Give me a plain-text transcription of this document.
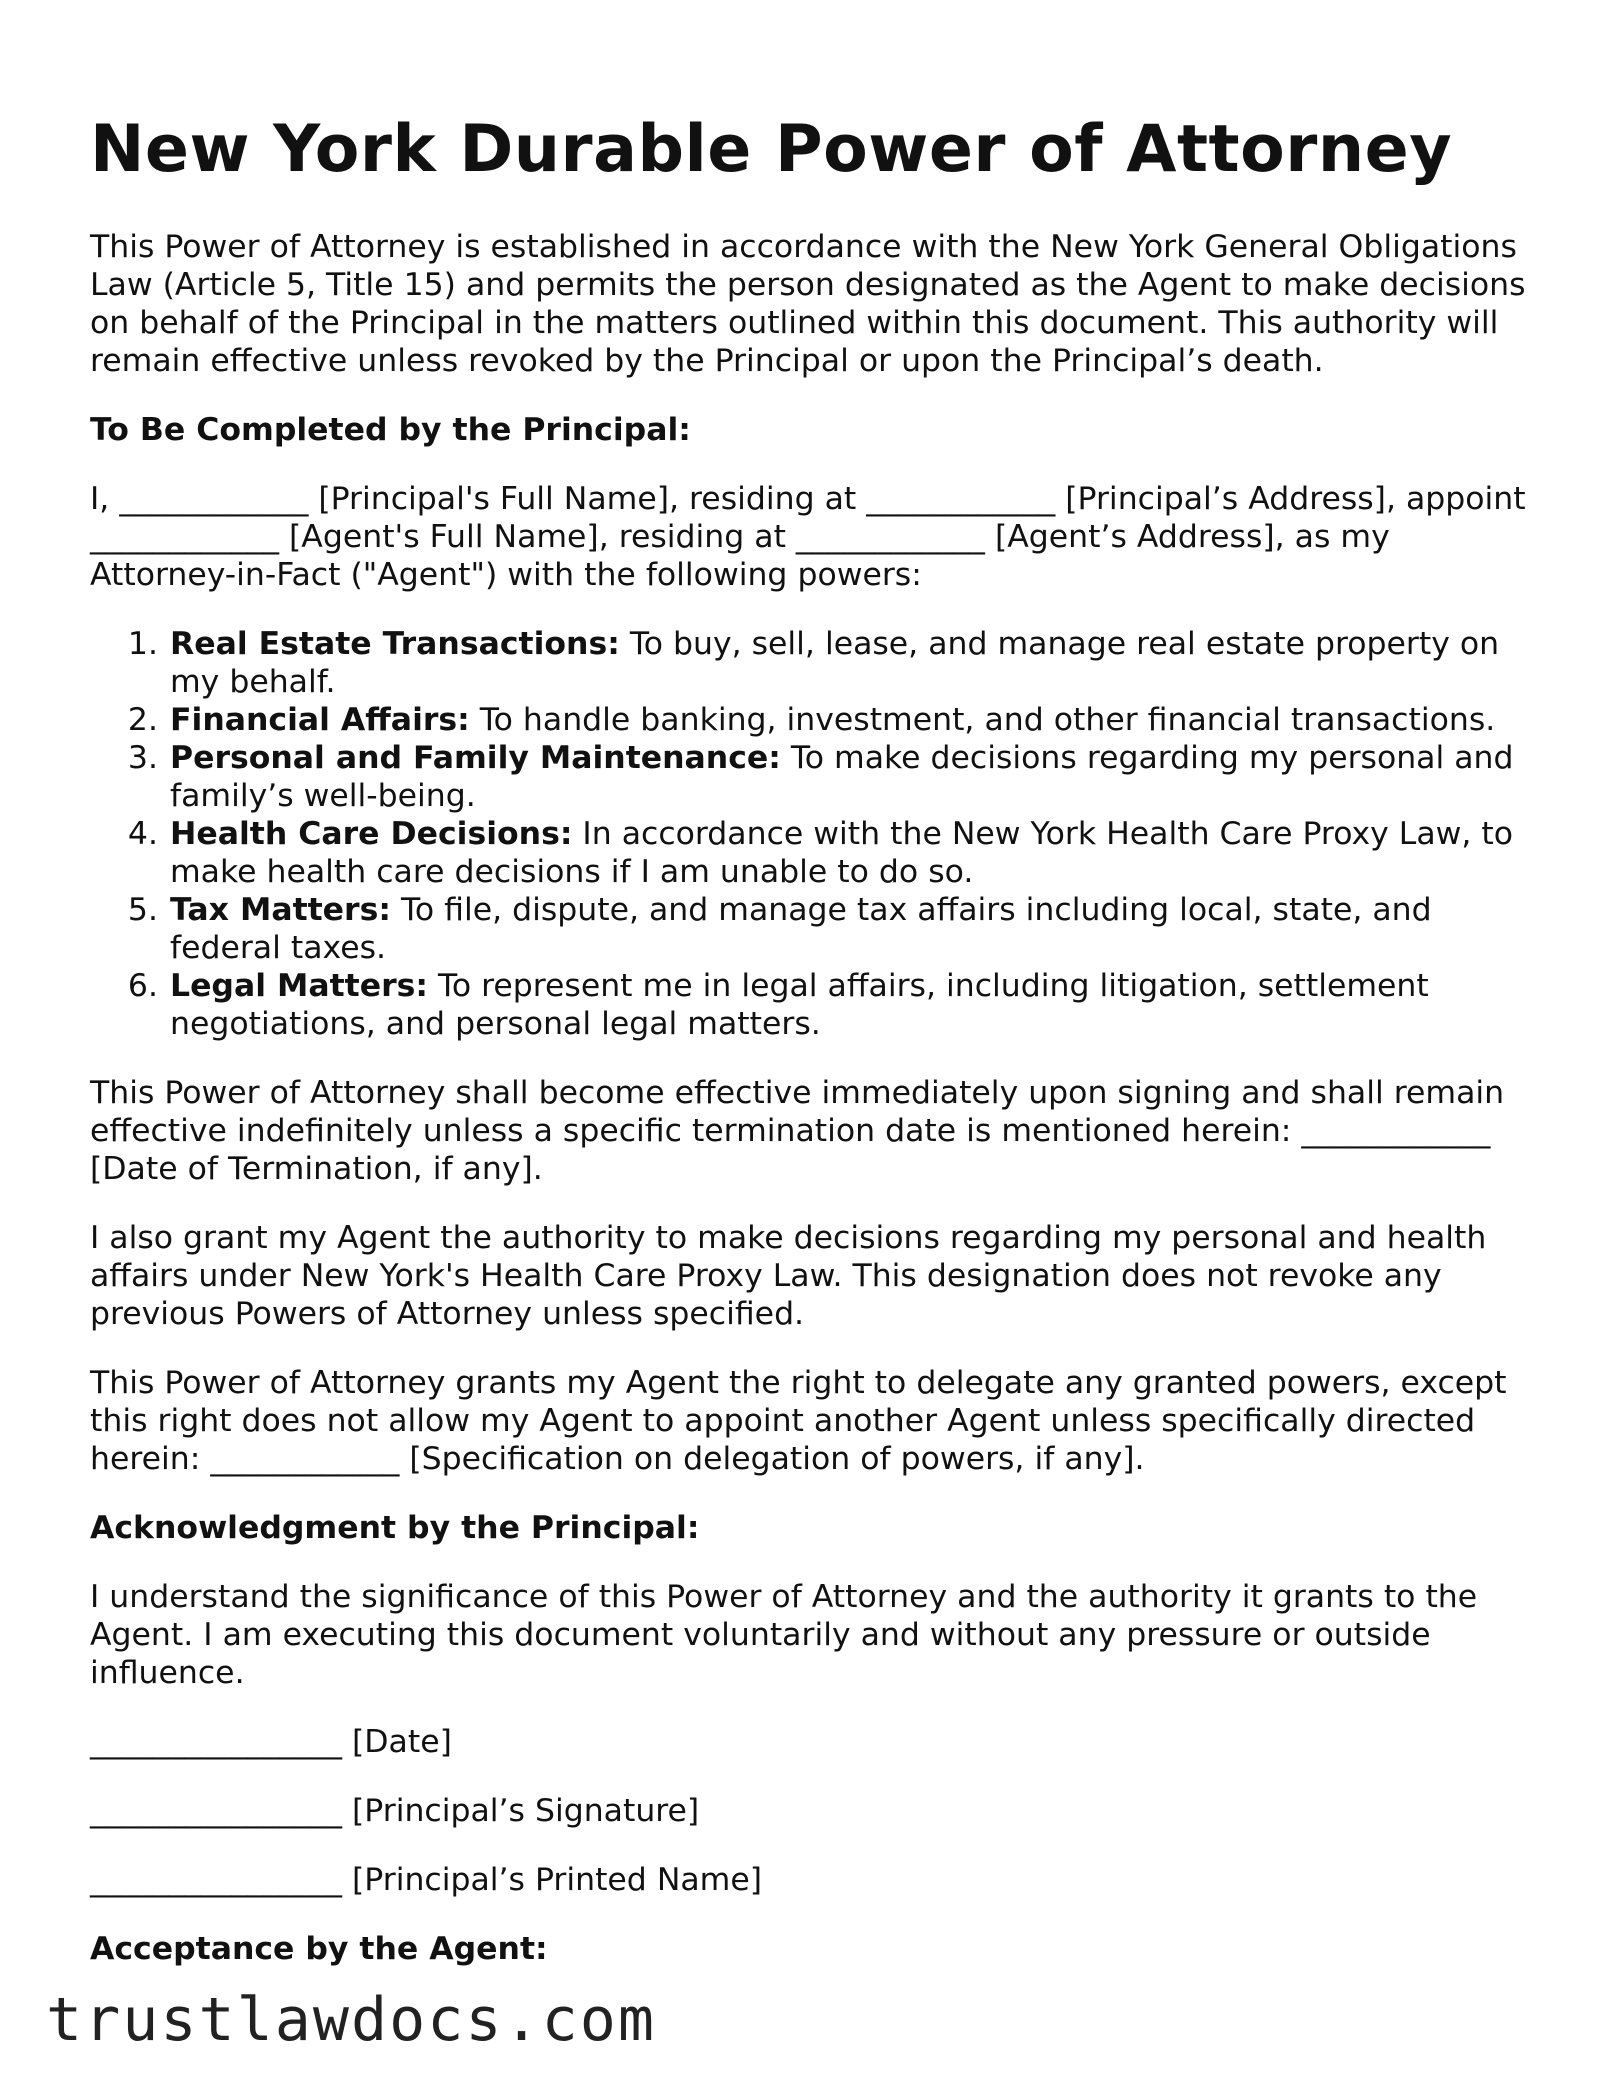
New York Durable Power of Attorney

This Power of Attorney is established in accordance with the New York General Obligations Law (Article 5, Title 15) and permits the person designated as the Agent to make decisions on behalf of the Principal in the matters outlined within this document. This authority will remain effective unless revoked by the Principal or upon the Principal’s death.

To Be Completed by the Principal:

I, ____________ [Principal's Full Name], residing at ____________ [Principal’s Address], appoint ____________ [Agent's Full Name], residing at ____________ [Agent’s Address], as my Attorney-in-Fact ("Agent") with the following powers:

1. Real Estate Transactions: To buy, sell, lease, and manage real estate property on my behalf.
2. Financial Affairs: To handle banking, investment, and other financial transactions.
3. Personal and Family Maintenance: To make decisions regarding my personal and family’s well-being.
4. Health Care Decisions: In accordance with the New York Health Care Proxy Law, to make health care decisions if I am unable to do so.
5. Tax Matters: To file, dispute, and manage tax affairs including local, state, and federal taxes.
6. Legal Matters: To represent me in legal affairs, including litigation, settlement negotiations, and personal legal matters.

This Power of Attorney shall become effective immediately upon signing and shall remain effective indefinitely unless a specific termination date is mentioned herein: ____________ [Date of Termination, if any].

I also grant my Agent the authority to make decisions regarding my personal and health affairs under New York's Health Care Proxy Law. This designation does not revoke any previous Powers of Attorney unless specified.

This Power of Attorney grants my Agent the right to delegate any granted powers, except this right does not allow my Agent to appoint another Agent unless specifically directed herein: ____________ [Specification on delegation of powers, if any].

Acknowledgment by the Principal:

I understand the significance of this Power of Attorney and the authority it grants to the Agent. I am executing this document voluntarily and without any pressure or outside influence.

________________ [Date]

________________ [Principal’s Signature]

________________ [Principal’s Printed Name]

Acceptance by the Agent:

trustlawdocs.com
